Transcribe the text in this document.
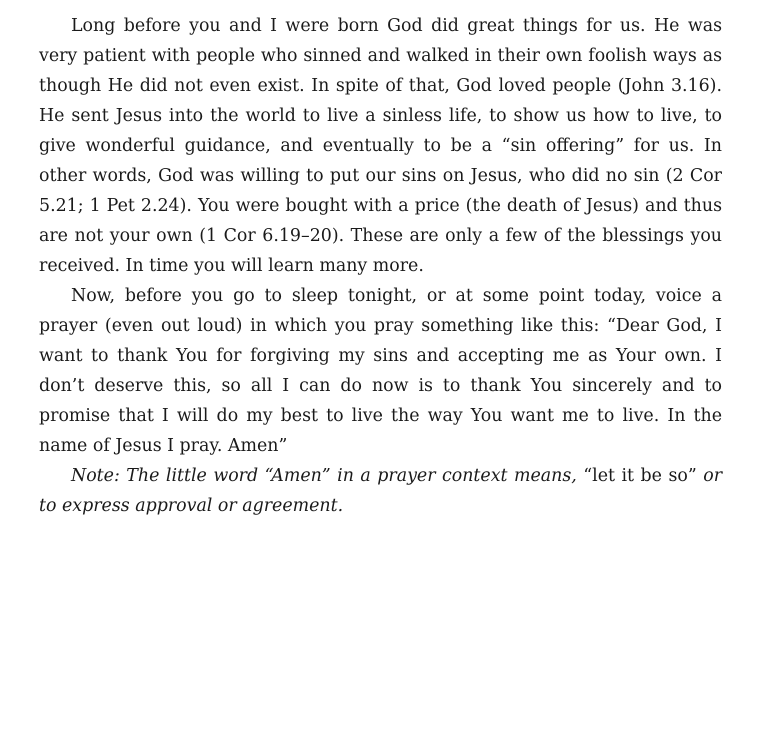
Long before you and I were born God did great things for us. He was very patient with people who sinned and walked in their own foolish ways as though He did not even exist. In spite of that, God loved people (John 3.16). He sent Jesus into the world to live a sinless life, to show us how to live, to give wonderful guidance, and eventually to be a “sin offering” for us. In other words, God was willing to put our sins on Jesus, who did no sin (2 Cor 5.21; 1 Pet 2.24). You were bought with a price (the death of Jesus) and thus are not your own (1 Cor 6.19–20). These are only a few of the blessings you received. In time you will learn many more.

Now, before you go to sleep tonight, or at some point today, voice a prayer (even out loud) in which you pray something like this: “Dear God, I want to thank You for forgiving my sins and accepting me as Your own. I don’t deserve this, so all I can do now is to thank You sincerely and to promise that I will do my best to live the way You want me to live. In the name of Jesus I pray. Amen”

Note: The little word “Amen” in a prayer context means, “let it be so” or to express approval or agreement.
